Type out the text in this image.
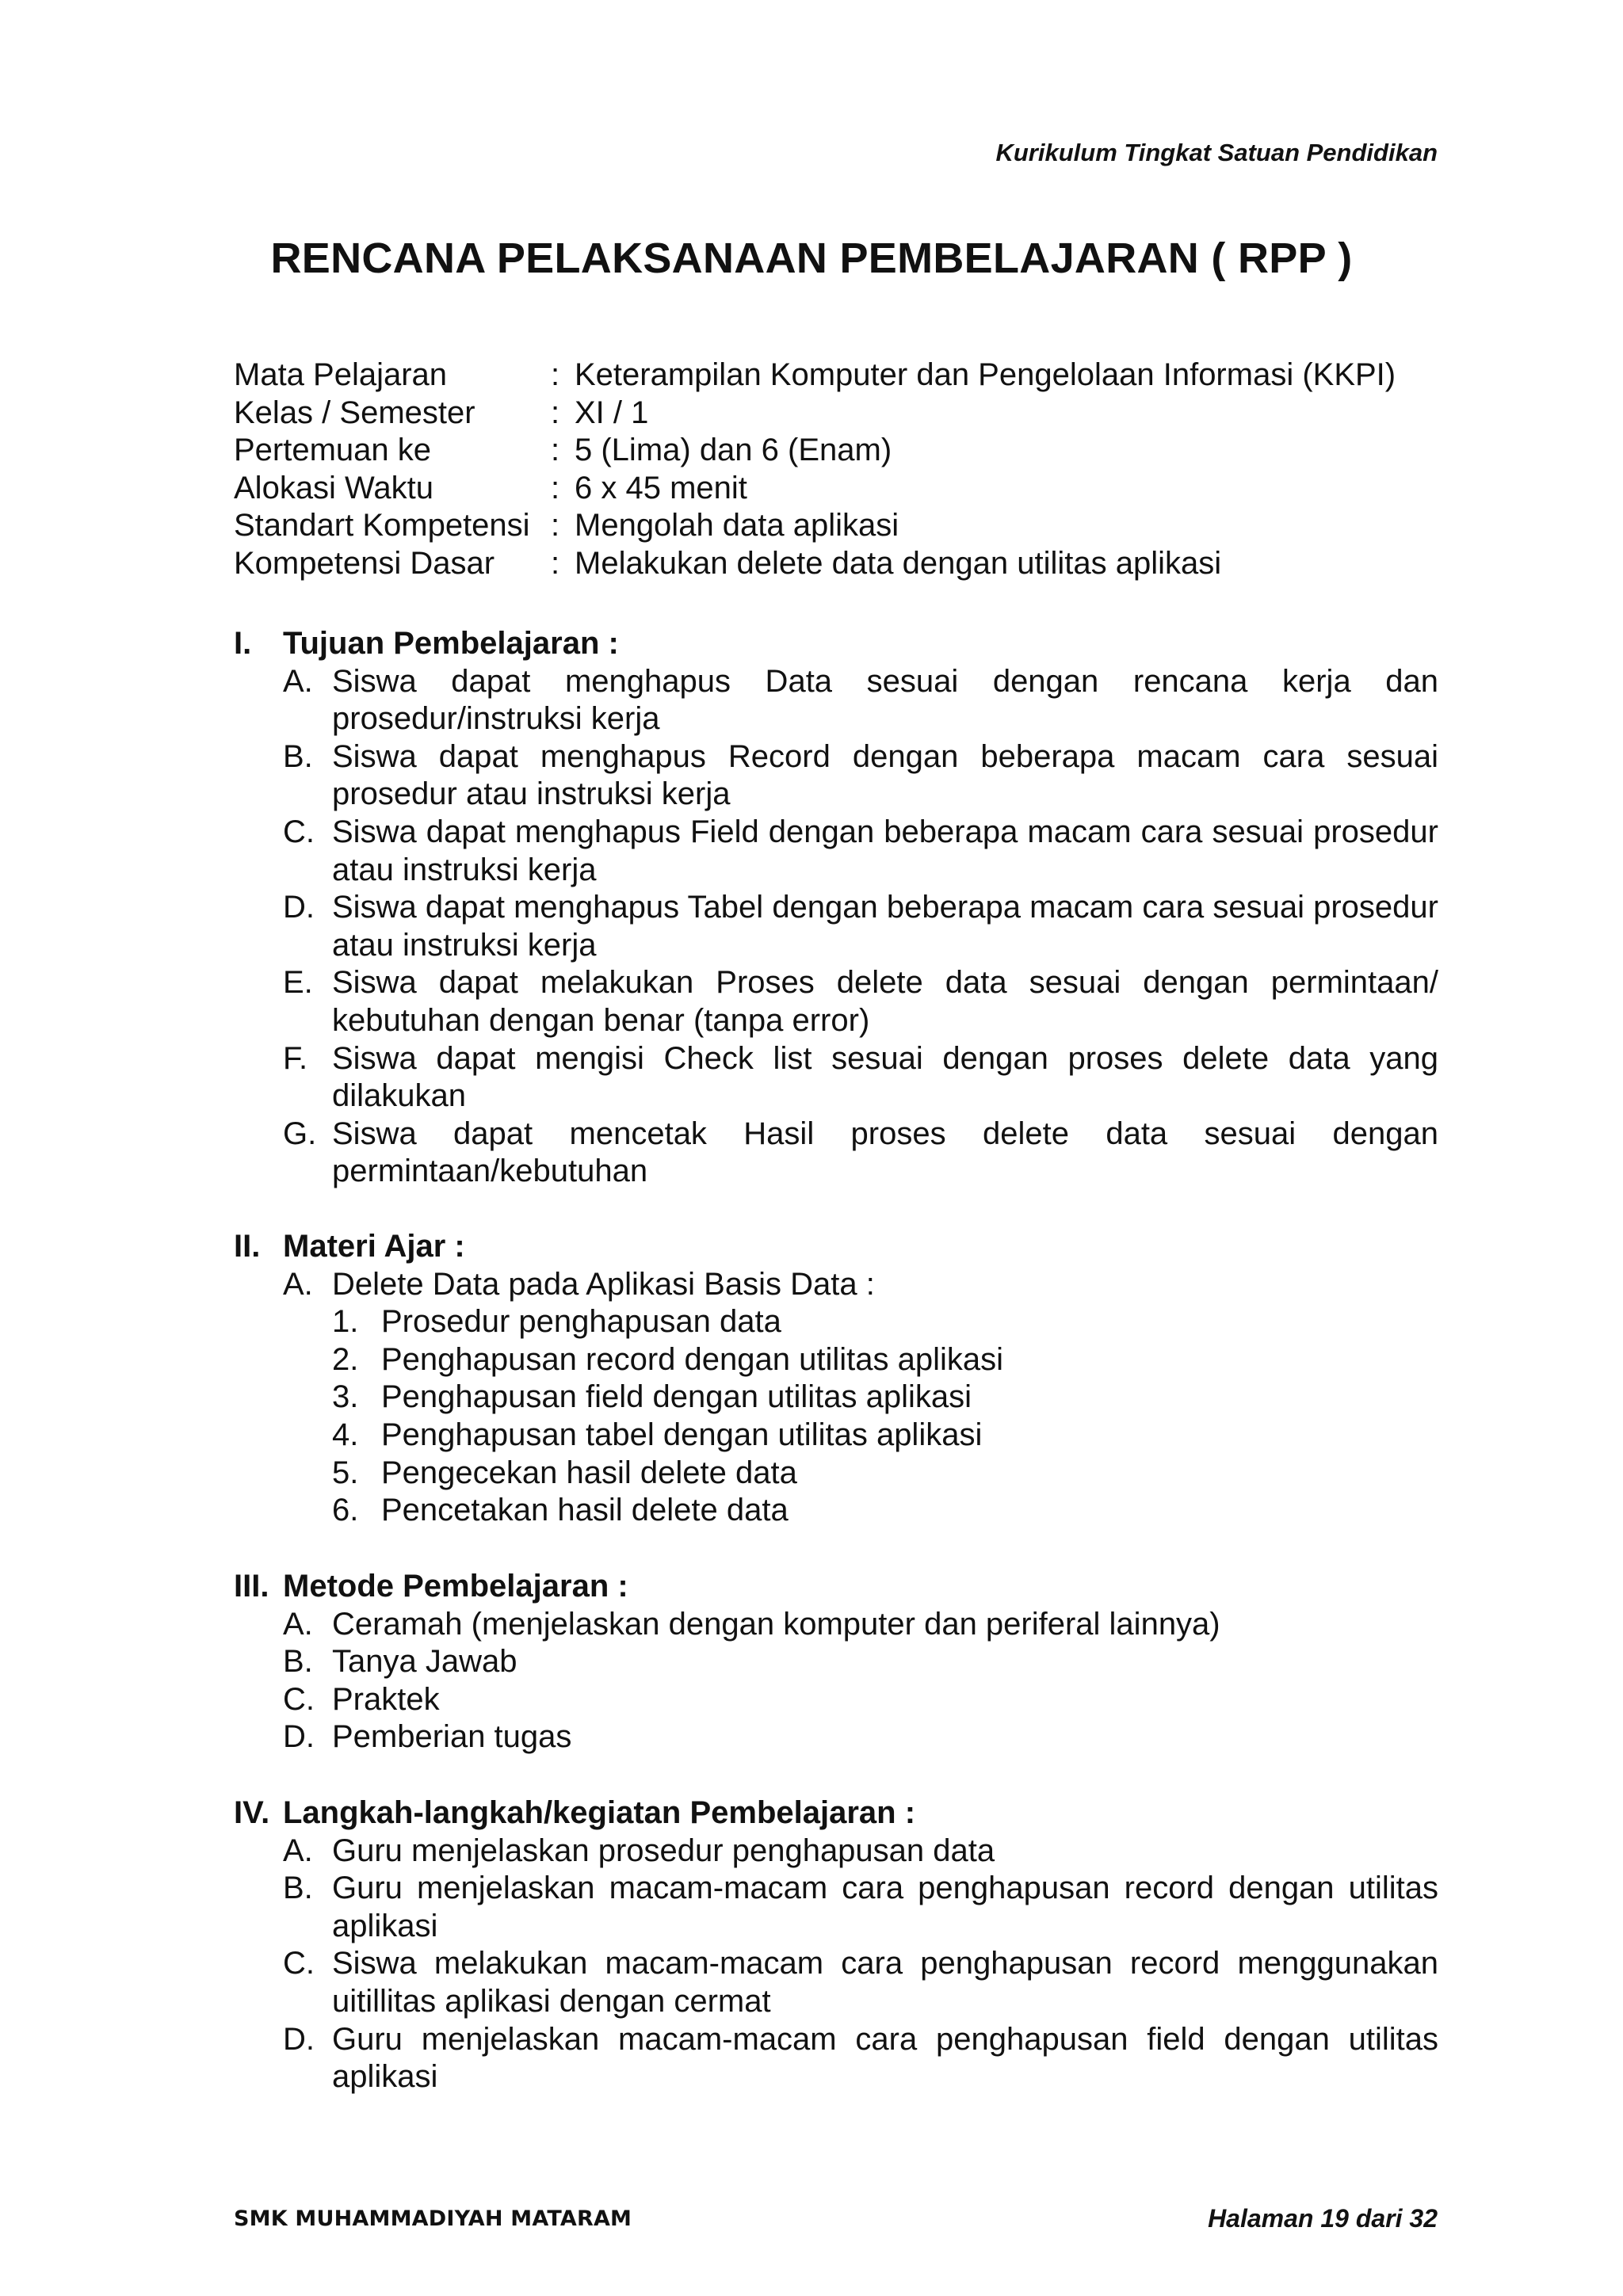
Kurikulum Tingkat Satuan Pendidikan
RENCANA PELAKSANAAN PEMBELAJARAN ( RPP )
Mata Pelajaran	: Keterampilan Komputer dan Pengelolaan Informasi (KKPI)
Kelas / Semester	: XI / 1
Pertemuan ke	: 5 (Lima) dan 6 (Enam)
Alokasi Waktu	: 6 x 45 menit
Standart Kompetensi : Mengolah data aplikasi
Kompetensi Dasar	: Melakukan delete data dengan utilitas aplikasi
I. Tujuan Pembelajaran :
A. Siswa dapat menghapus Data sesuai dengan rencana kerja dan prosedur/instruksi kerja
B. Siswa dapat menghapus Record dengan beberapa macam cara sesuai prosedur atau instruksi kerja
C. Siswa dapat menghapus Field dengan beberapa macam cara sesuai prosedur atau instruksi kerja
D. Siswa dapat menghapus Tabel dengan beberapa macam cara sesuai prosedur atau instruksi kerja
E. Siswa dapat melakukan Proses delete data sesuai dengan permintaan/ kebutuhan dengan benar (tanpa error)
F. Siswa dapat mengisi Check list sesuai dengan proses delete data yang dilakukan
G. Siswa dapat mencetak Hasil proses delete data sesuai dengan permintaan/kebutuhan
II. Materi Ajar :
A. Delete Data pada Aplikasi Basis Data :
1. Prosedur penghapusan data
2. Penghapusan record dengan utilitas aplikasi
3. Penghapusan field dengan utilitas aplikasi
4. Penghapusan tabel dengan utilitas aplikasi
5. Pengecekan hasil delete data
6. Pencetakan hasil delete data
III. Metode Pembelajaran :
A. Ceramah (menjelaskan dengan komputer dan periferal lainnya)
B. Tanya Jawab
C. Praktek
D. Pemberian tugas
IV. Langkah-langkah/kegiatan Pembelajaran :
A. Guru menjelaskan prosedur penghapusan data
B. Guru menjelaskan macam-macam cara penghapusan record dengan utilitas aplikasi
C. Siswa melakukan macam-macam cara penghapusan record menggunakan uitillitas aplikasi dengan cermat
D. Guru menjelaskan macam-macam cara penghapusan field dengan utilitas aplikasi
SMK MUHAMMADIYAH MATARAM	Halaman 19 dari 32
